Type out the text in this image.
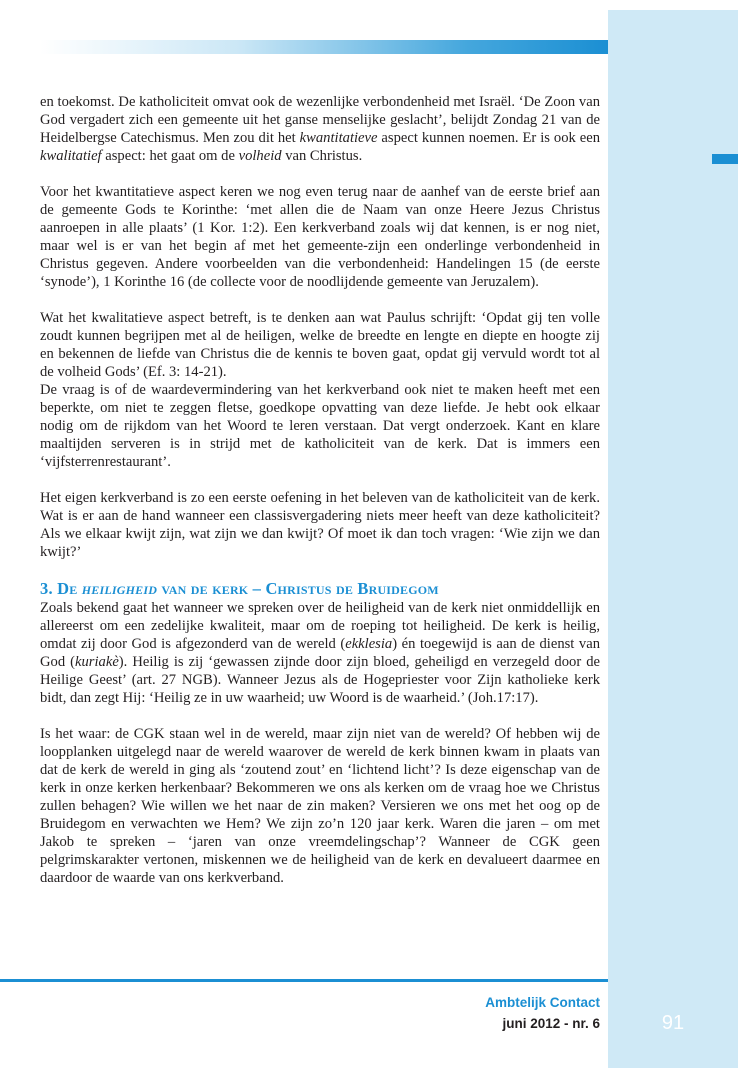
en toekomst. De katholiciteit omvat ook de wezenlijke verbondenheid met Israël. ‘De Zoon van God vergadert zich een gemeente uit het ganse menselijke geslacht’, belijdt Zondag 21 van de Heidelbergse Catechismus. Men zou dit het kwantitatieve aspect kunnen noemen. Er is ook een kwalitatief aspect: het gaat om de volheid van Christus.

Voor het kwantitatieve aspect keren we nog even terug naar de aanhef van de eerste brief aan de gemeente Gods te Korinthe: ‘met allen die de Naam van onze Heere Jezus Christus aanroepen in alle plaats’ (1 Kor. 1:2). Een kerkverband zoals wij dat kennen, is er nog niet, maar wel is er van het begin af met het gemeente-zijn een onderlinge verbondenheid in Christus gegeven. Andere voorbeelden van die verbondenheid: Handelingen 15 (de eerste ‘synode’), 1 Korinthe 16 (de collecte voor de noodlijdende gemeente van Jeruzalem).

Wat het kwalitatieve aspect betreft, is te denken aan wat Paulus schrijft: ‘Opdat gij ten volle zoudt kunnen begrijpen met al de heiligen, welke de breedte en lengte en diepte en hoogte zij en bekennen de liefde van Christus die de kennis te boven gaat, opdat gij vervuld wordt tot al de volheid Gods’ (Ef. 3: 14-21).

De vraag is of de waardevermindering van het kerkverband ook niet te maken heeft met een beperkte, om niet te zeggen fletse, goedkope opvatting van deze liefde. Je hebt ook elkaar nodig om de rijkdom van het Woord te leren verstaan. Dat vergt onderzoek. Kant en klare maaltijden serveren is in strijd met de katholiciteit van de kerk. Dat is immers een ‘vijfsterrenrestaurant’.

Het eigen kerkverband is zo een eerste oefening in het beleven van de katholiciteit van de kerk. Wat is er aan de hand wanneer een classisvergadering niets meer heeft van deze katholiciteit? Als we elkaar kwijt zijn, wat zijn we dan kwijt? Of moet ik dan toch vragen: ‘Wie zijn we dan kwijt?’

3. De heiligheid van de kerk – Christus de Bruidegom

Zoals bekend gaat het wanneer we spreken over de heiligheid van de kerk niet onmiddellijk en allereerst om een zedelijke kwaliteit, maar om de roeping tot heiligheid. De kerk is heilig, omdat zij door God is afgezonderd van de wereld (ekklesia) én toegewijd is aan de dienst van God (kuriakè). Heilig is zij ‘gewassen zijnde door zijn bloed, geheiligd en verzegeld door de Heilige Geest’ (art. 27 NGB). Wanneer Jezus als de Hogepriester voor Zijn katholieke kerk bidt, dan zegt Hij: ‘Heilig ze in uw waarheid; uw Woord is de waarheid.’ (Joh.17:17).

Is het waar: de CGK staan wel in de wereld, maar zijn niet van de wereld? Of hebben wij de loopplanken uitgelegd naar de wereld waarover de wereld de kerk binnen kwam in plaats van dat de kerk de wereld in ging als ‘zoutend zout’ en ‘lichtend licht’? Is deze eigenschap van de kerk in onze kerken herkenbaar? Bekommeren we ons als kerken om de vraag hoe we Christus zullen behagen? Wie willen we het naar de zin maken? Versieren we ons met het oog op de Bruidegom en verwachten we Hem? We zijn zo’n 120 jaar kerk. Waren die jaren – om met Jakob te spreken – ‘jaren van onze vreemdelingschap’? Wanneer de CGK geen pelgrimskarakter vertonen, miskennen we de heiligheid van de kerk en devalueert daarmee en daardoor de waarde van ons kerkverband.

Ambtelijk Contact
juni 2012 - nr. 6	91
